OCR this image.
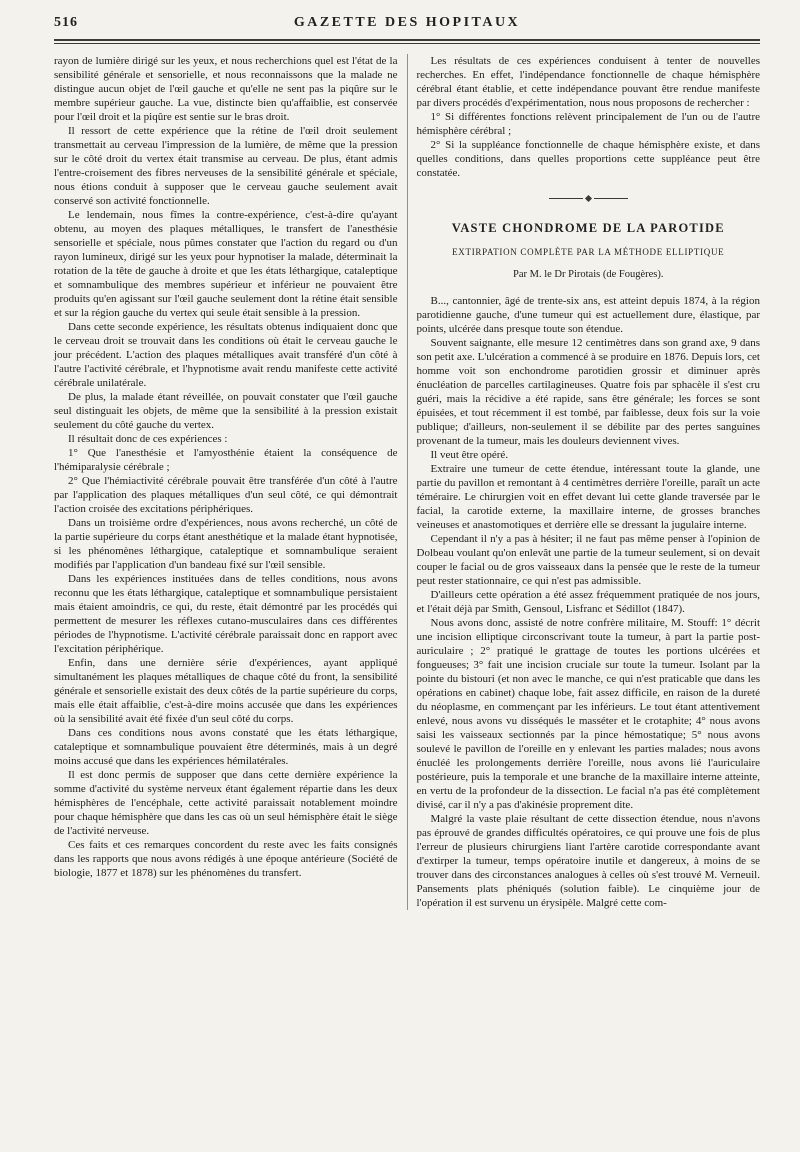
516	GAZETTE DES HOPITAUX

rayon de lumière dirigé sur les yeux, et nous recherchions quel est l'état de la sensibilité générale et sensorielle, et nous reconnaissons que la malade ne distingue aucun objet de l'œil gauche et qu'elle ne sent pas la piqûre sur le membre supérieur gauche. La vue, distincte bien qu'affaiblie, est conservée pour l'œil droit et la piqûre est sentie sur le bras droit.

Il ressort de cette expérience que la rétine de l'œil droit seulement transmettait au cerveau l'impression de la lumière, de même que la pression sur le côté droit du vertex était transmise au cerveau. De plus, étant admis l'entre-croisement des fibres nerveuses de la sensibilité générale et spéciale, nous étions conduit à supposer que le cerveau gauche seulement avait conservé son activité fonctionnelle.

Le lendemain, nous fîmes la contre-expérience, c'est-à-dire qu'ayant obtenu, au moyen des plaques métalliques, le transfert de l'anesthésie sensorielle et spéciale, nous pûmes constater que l'action du regard ou d'un rayon lumineux, dirigé sur les yeux pour hypnotiser la malade, déterminait la rotation de la tête de gauche à droite et que les états léthargique, cataleptique et somnambulique des membres supérieur et inférieur ne pouvaient être produits qu'en agissant sur l'œil gauche seulement dont la rétine était sensible et sur la région gauche du vertex qui seule était sensible à la pression.

Dans cette seconde expérience, les résultats obtenus indiquaient donc que le cerveau droit se trouvait dans les conditions où était le cerveau gauche le jour précédent. L'action des plaques métalliques avait transféré d'un côté à l'autre l'activité cérébrale, et l'hypnotisme avait rendu manifeste cette activité cérébrale unilatérale.

De plus, la malade étant réveillée, on pouvait constater que l'œil gauche seul distinguait les objets, de même que la sensibilité à la pression existait seulement du côté gauche du vertex.

Il résultait donc de ces expériences :

1° Que l'anesthésie et l'amyosthénie étaient la conséquence de l'hémiparalysie cérébrale ;

2° Que l'hémiactivité cérébrale pouvait être transférée d'un côté à l'autre par l'application des plaques métalliques d'un seul côté, ce qui démontrait l'action croisée des excitations périphériques.

Dans un troisième ordre d'expériences, nous avons recherché, un côté de la partie supérieure du corps étant anesthétique et la malade étant hypnotisée, si les phénomènes léthargique, cataleptique et somnambulique seraient modifiés par l'application d'un bandeau fixé sur l'œil sensible.

Dans les expériences instituées dans de telles conditions, nous avons reconnu que les états léthargique, cataleptique et somnambulique persistaient mais étaient amoindris, ce qui, du reste, était démontré par les procédés qui permettent de mesurer les réflexes cutano-musculaires dans ces différentes périodes de l'hypnotisme. L'activité cérébrale paraissait donc en rapport avec l'excitation périphérique.

Enfin, dans une dernière série d'expériences, ayant appliqué simultanément les plaques métalliques de chaque côté du front, la sensibilité générale et sensorielle existait des deux côtés de la partie supérieure du corps, mais elle était affaiblie, c'est-à-dire moins accusée que dans les expériences où la sensibilité avait été fixée d'un seul côté du corps.

Dans ces conditions nous avons constaté que les états léthargique, cataleptique et somnambulique pouvaient être déterminés, mais à un degré moins accusé que dans les expériences hémilatérales.

Il est donc permis de supposer que dans cette dernière expérience la somme d'activité du système nerveux étant également répartie dans les deux hémisphères de l'encéphale, cette activité paraissait notablement moindre pour chaque hémisphère que dans les cas où un seul hémisphère était le siège de l'activité nerveuse.

Ces faits et ces remarques concordent du reste avec les faits consignés dans les rapports que nous avons rédigés à une époque antérieure (Société de biologie, 1877 et 1878) sur les phénomènes du transfert.

Les résultats de ces expériences conduisent à tenter de nouvelles recherches. En effet, l'indépendance fonctionnelle de chaque hémisphère cérébral étant établie, et cette indépendance pouvant être rendue manifeste par divers procédés d'expérimentation, nous nous proposons de rechercher :

1° Si différentes fonctions relèvent principalement de l'un ou de l'autre hémisphère cérébral ;

2° Si la suppléance fonctionnelle de chaque hémisphère existe, et dans quelles conditions, dans quelles proportions cette suppléance peut être constatée.

VASTE CHONDROME DE LA PAROTIDE
EXTIRPATION COMPLÈTE PAR LA MÉTHODE ELLIPTIQUE
Par M. le Dr Pirotais (de Fougères).

B..., cantonnier, âgé de trente-six ans, est atteint depuis 1874, à la région parotidienne gauche, d'une tumeur qui est actuellement dure, élastique, par points, ulcérée dans presque toute son étendue.

Souvent saignante, elle mesure 12 centimètres dans son grand axe, 9 dans son petit axe. L'ulcération a commencé à se produire en 1876. Depuis lors, cet homme voit son enchondrome parotidien grossir et diminuer après énucléation de parcelles cartilagineuses. Quatre fois par sphacèle il s'est cru guéri, mais la récidive a été rapide, sans être générale; les forces se sont épuisées, et tout récemment il est tombé, par faiblesse, deux fois sur la voie publique; d'ailleurs, non-seulement il se débilite par des pertes sanguines provenant de la tumeur, mais les douleurs deviennent vives.

Il veut être opéré.

Extraire une tumeur de cette étendue, intéressant toute la glande, une partie du pavillon et remontant à 4 centimètres derrière l'oreille, paraît un acte téméraire. Le chirurgien voit en effet devant lui cette glande traversée par le facial, la carotide externe, la maxillaire interne, de grosses branches veineuses et anastomotiques et derrière elle se dressant la jugulaire interne.

Cependant il n'y a pas à hésiter; il ne faut pas même penser à l'opinion de Dolbeau voulant qu'on enlevât une partie de la tumeur seulement, si on devait couper le facial ou de gros vaisseaux dans la pensée que le reste de la tumeur peut rester stationnaire, ce qui n'est pas admissible.

D'ailleurs cette opération a été assez fréquemment pratiquée de nos jours, et l'était déjà par Smith, Gensoul, Lisfranc et Sédillot (1847).

Nous avons donc, assisté de notre confrère militaire, M. Stouff: 1° décrit une incision elliptique circonscrivant toute la tumeur, à part la partie post-auriculaire ; 2° pratiqué le grattage de toutes les portions ulcérées et fongueuses; 3° fait une incision cruciale sur toute la tumeur. Isolant par la pointe du bistouri (et non avec le manche, ce qui n'est praticable que dans les opérations en cabinet) chaque lobe, fait assez difficile, en raison de la dureté du néoplasme, en commençant par les inférieurs. Le tout étant attentivement enlevé, nous avons vu disséqués le masséter et le crotaphite; 4° nous avons saisi les vaisseaux sectionnés par la pince hémostatique; 5° nous avons soulevé le pavillon de l'oreille en y enlevant les parties malades; nous avons énucléé les prolongements derrière l'oreille, nous avons lié l'auriculaire postérieure, puis la temporale et une branche de la maxillaire interne atteinte, en vertu de la profondeur de la dissection. Le facial n'a pas été complètement divisé, car il n'y a pas d'akinésie proprement dite.

Malgré la vaste plaie résultant de cette dissection étendue, nous n'avons pas éprouvé de grandes difficultés opératoires, ce qui prouve une fois de plus l'erreur de plusieurs chirurgiens liant l'artère carotide correspondante avant d'extirper la tumeur, temps opératoire inutile et dangereux, à moins de se trouver dans des circonstances analogues à celles où s'est trouvé M. Verneuil. Pansements plats phéniqués (solution faible). Le cinquième jour de l'opération il est survenu un érysipèle. Malgré cette com-
